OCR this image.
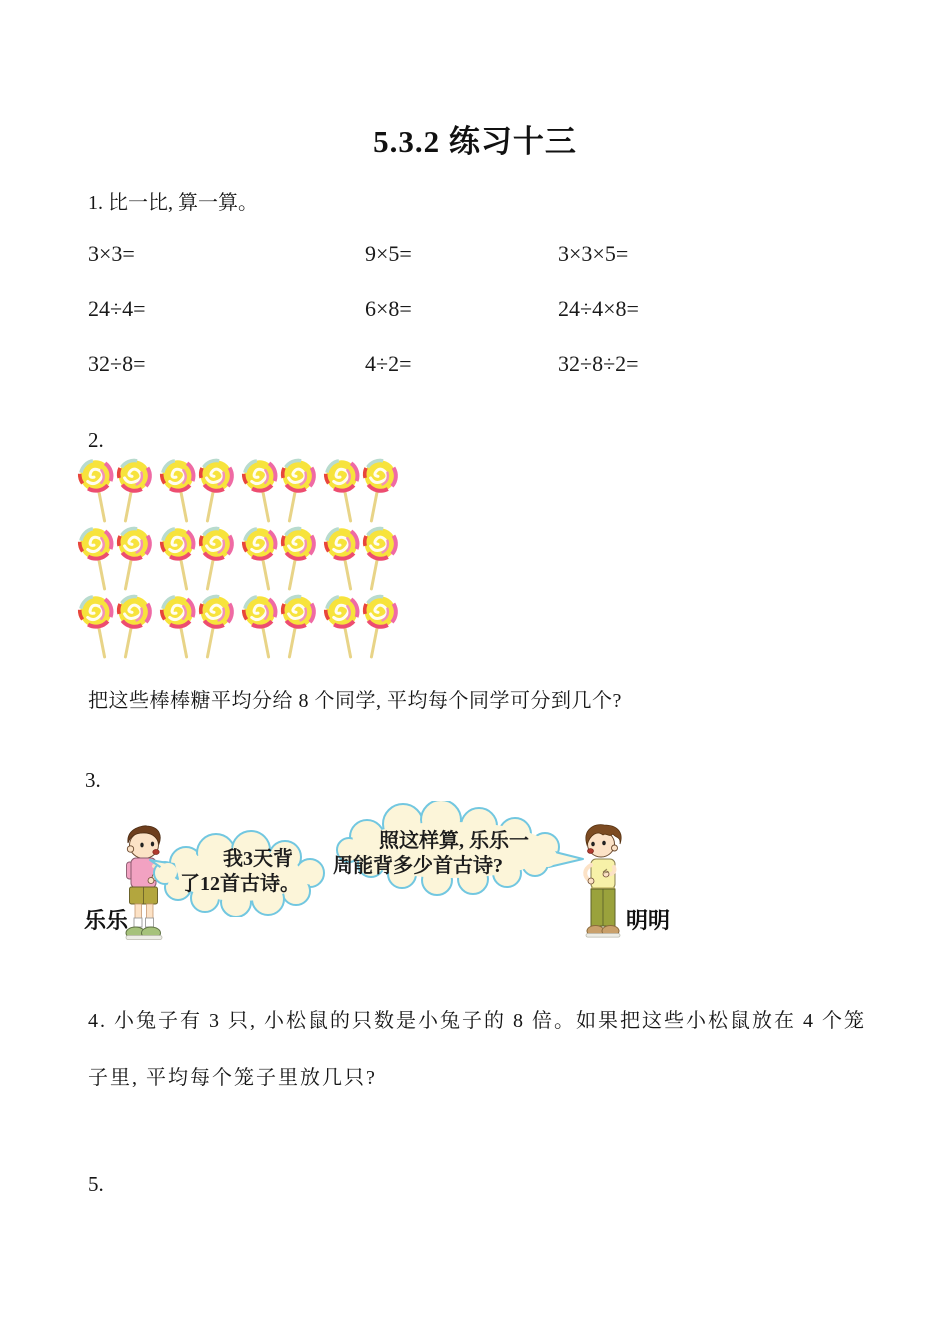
5.3.2 练习十三
1. 比一比, 算一算。
3×3=	9×5=	3×3×5=
24÷4=	6×8=	24÷4×8=
32÷8=	4÷2=	32÷8÷2=
2.
把这些棒棒糖平均分给 8 个同学, 平均每个同学可分到几个?
3.
我3天背
了12首古诗。
照这样算, 乐乐一
周能背多少首古诗?
乐乐	明明
4. 小兔子有 3 只, 小松鼠的只数是小兔子的 8 倍。如果把这些小松鼠放在 4 个笼
子里, 平均每个笼子里放几只?
5.
